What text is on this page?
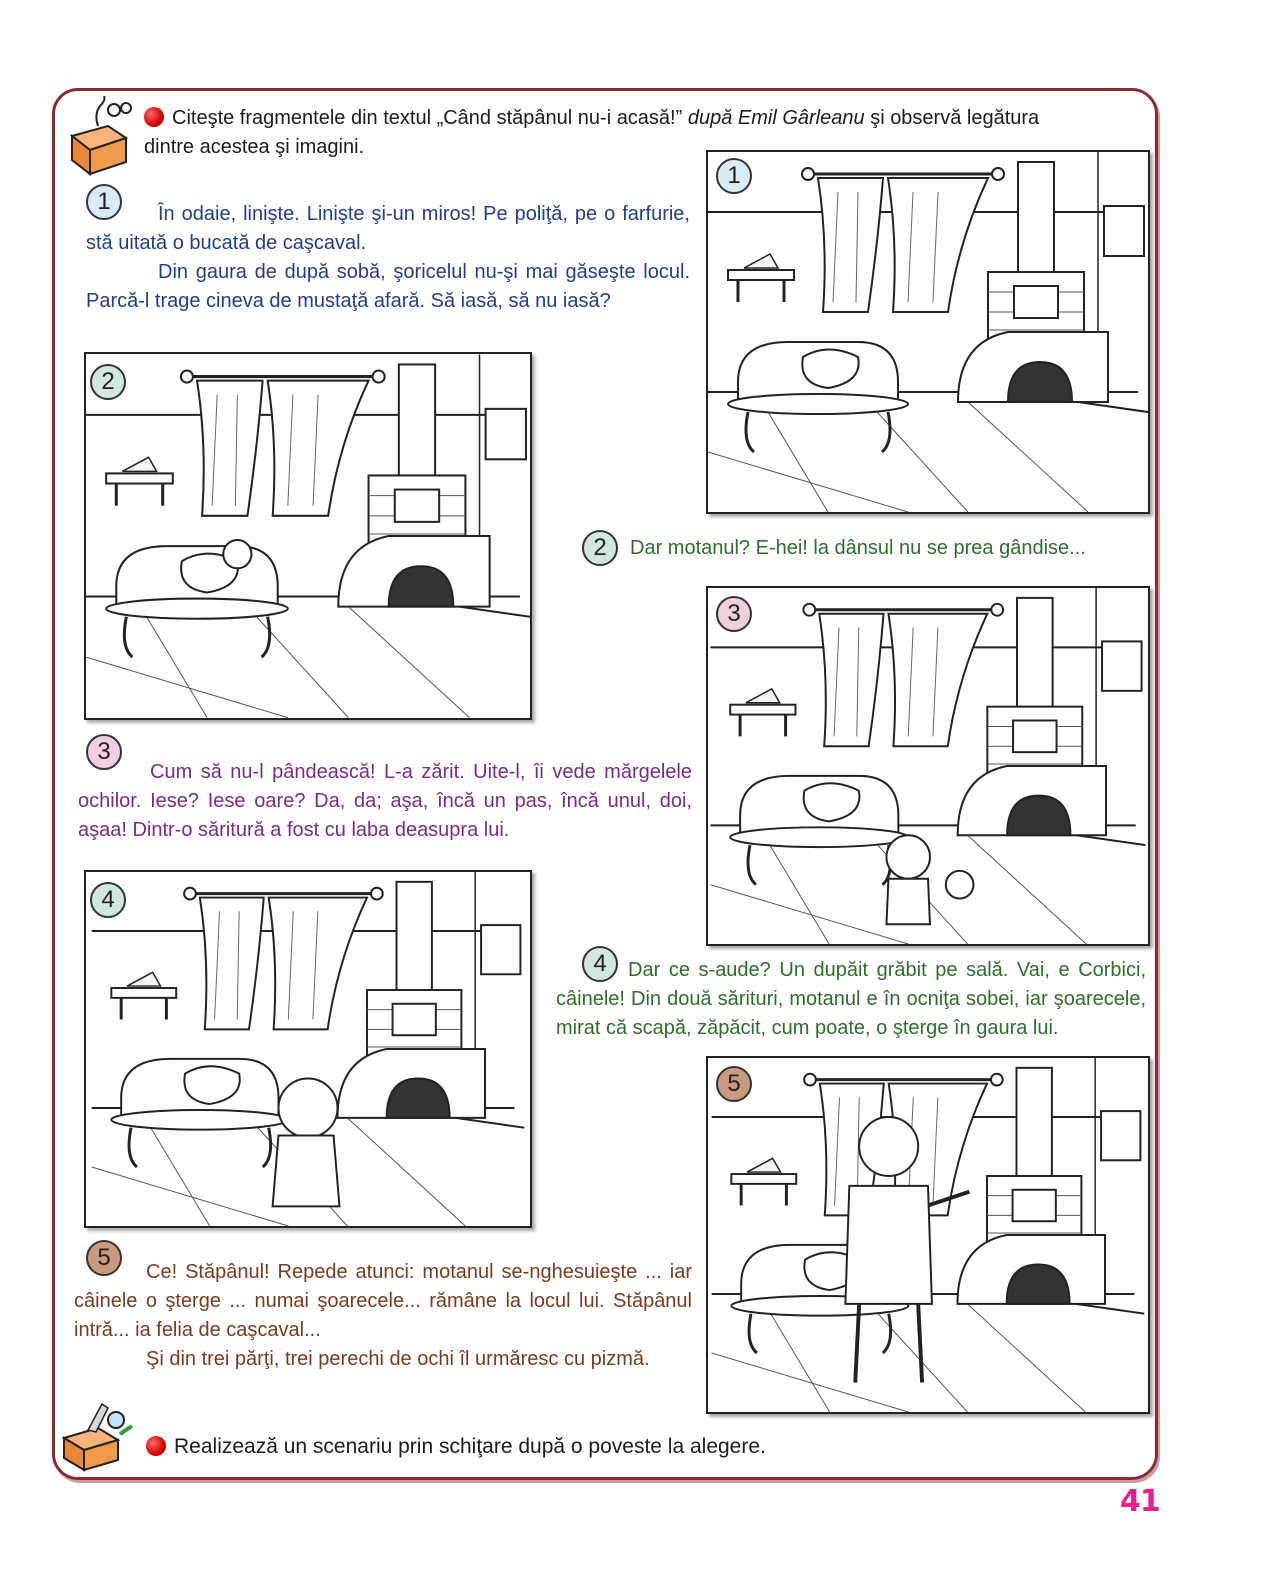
Citeşte fragmentele din textul „Când stăpânul nu-i acasă!” după Emil Gârleanu şi observă legătura dintre acestea şi imagini.
1	În odaie, linişte. Linişte şi-un miros! Pe poliţă, pe o farfurie, stă uitată o bucată de caşcaval.
Din gaura de după sobă, şoricelul nu-şi mai găseşte locul. Parcă-l trage cineva de mustaţă afară. Să iasă, să nu iasă?
1
2
2	Dar motanul? E-hei! la dânsul nu se prea gândise...
3
3
Cum să nu-l pândească! L-a zărit. Uite-l, îi vede mărgelele ochilor. Iese? Iese oare? Da, da; aşa, încă un pas, încă unul, doi, aşaa! Dintr-o săritură a fost cu laba deasupra lui.
4
4	Dar ce s-aude? Un dupăit grăbit pe sală. Vai, e Corbici, câinele! Din două sărituri, motanul e în ocniţa sobei, iar şoarecele, mirat că scapă, zăpăcit, cum poate, o şterge în gaura lui.
5
5
Ce! Stăpânul! Repede atunci: motanul se-nghesuieşte ... iar câinele o şterge ... numai şoarecele... rămâne la locul lui. Stăpânul intră... ia felia de caşcaval...
Şi din trei părţi, trei perechi de ochi îl urmăresc cu pizmă.
Realizează un scenariu prin schiţare după o poveste la alegere.
41
